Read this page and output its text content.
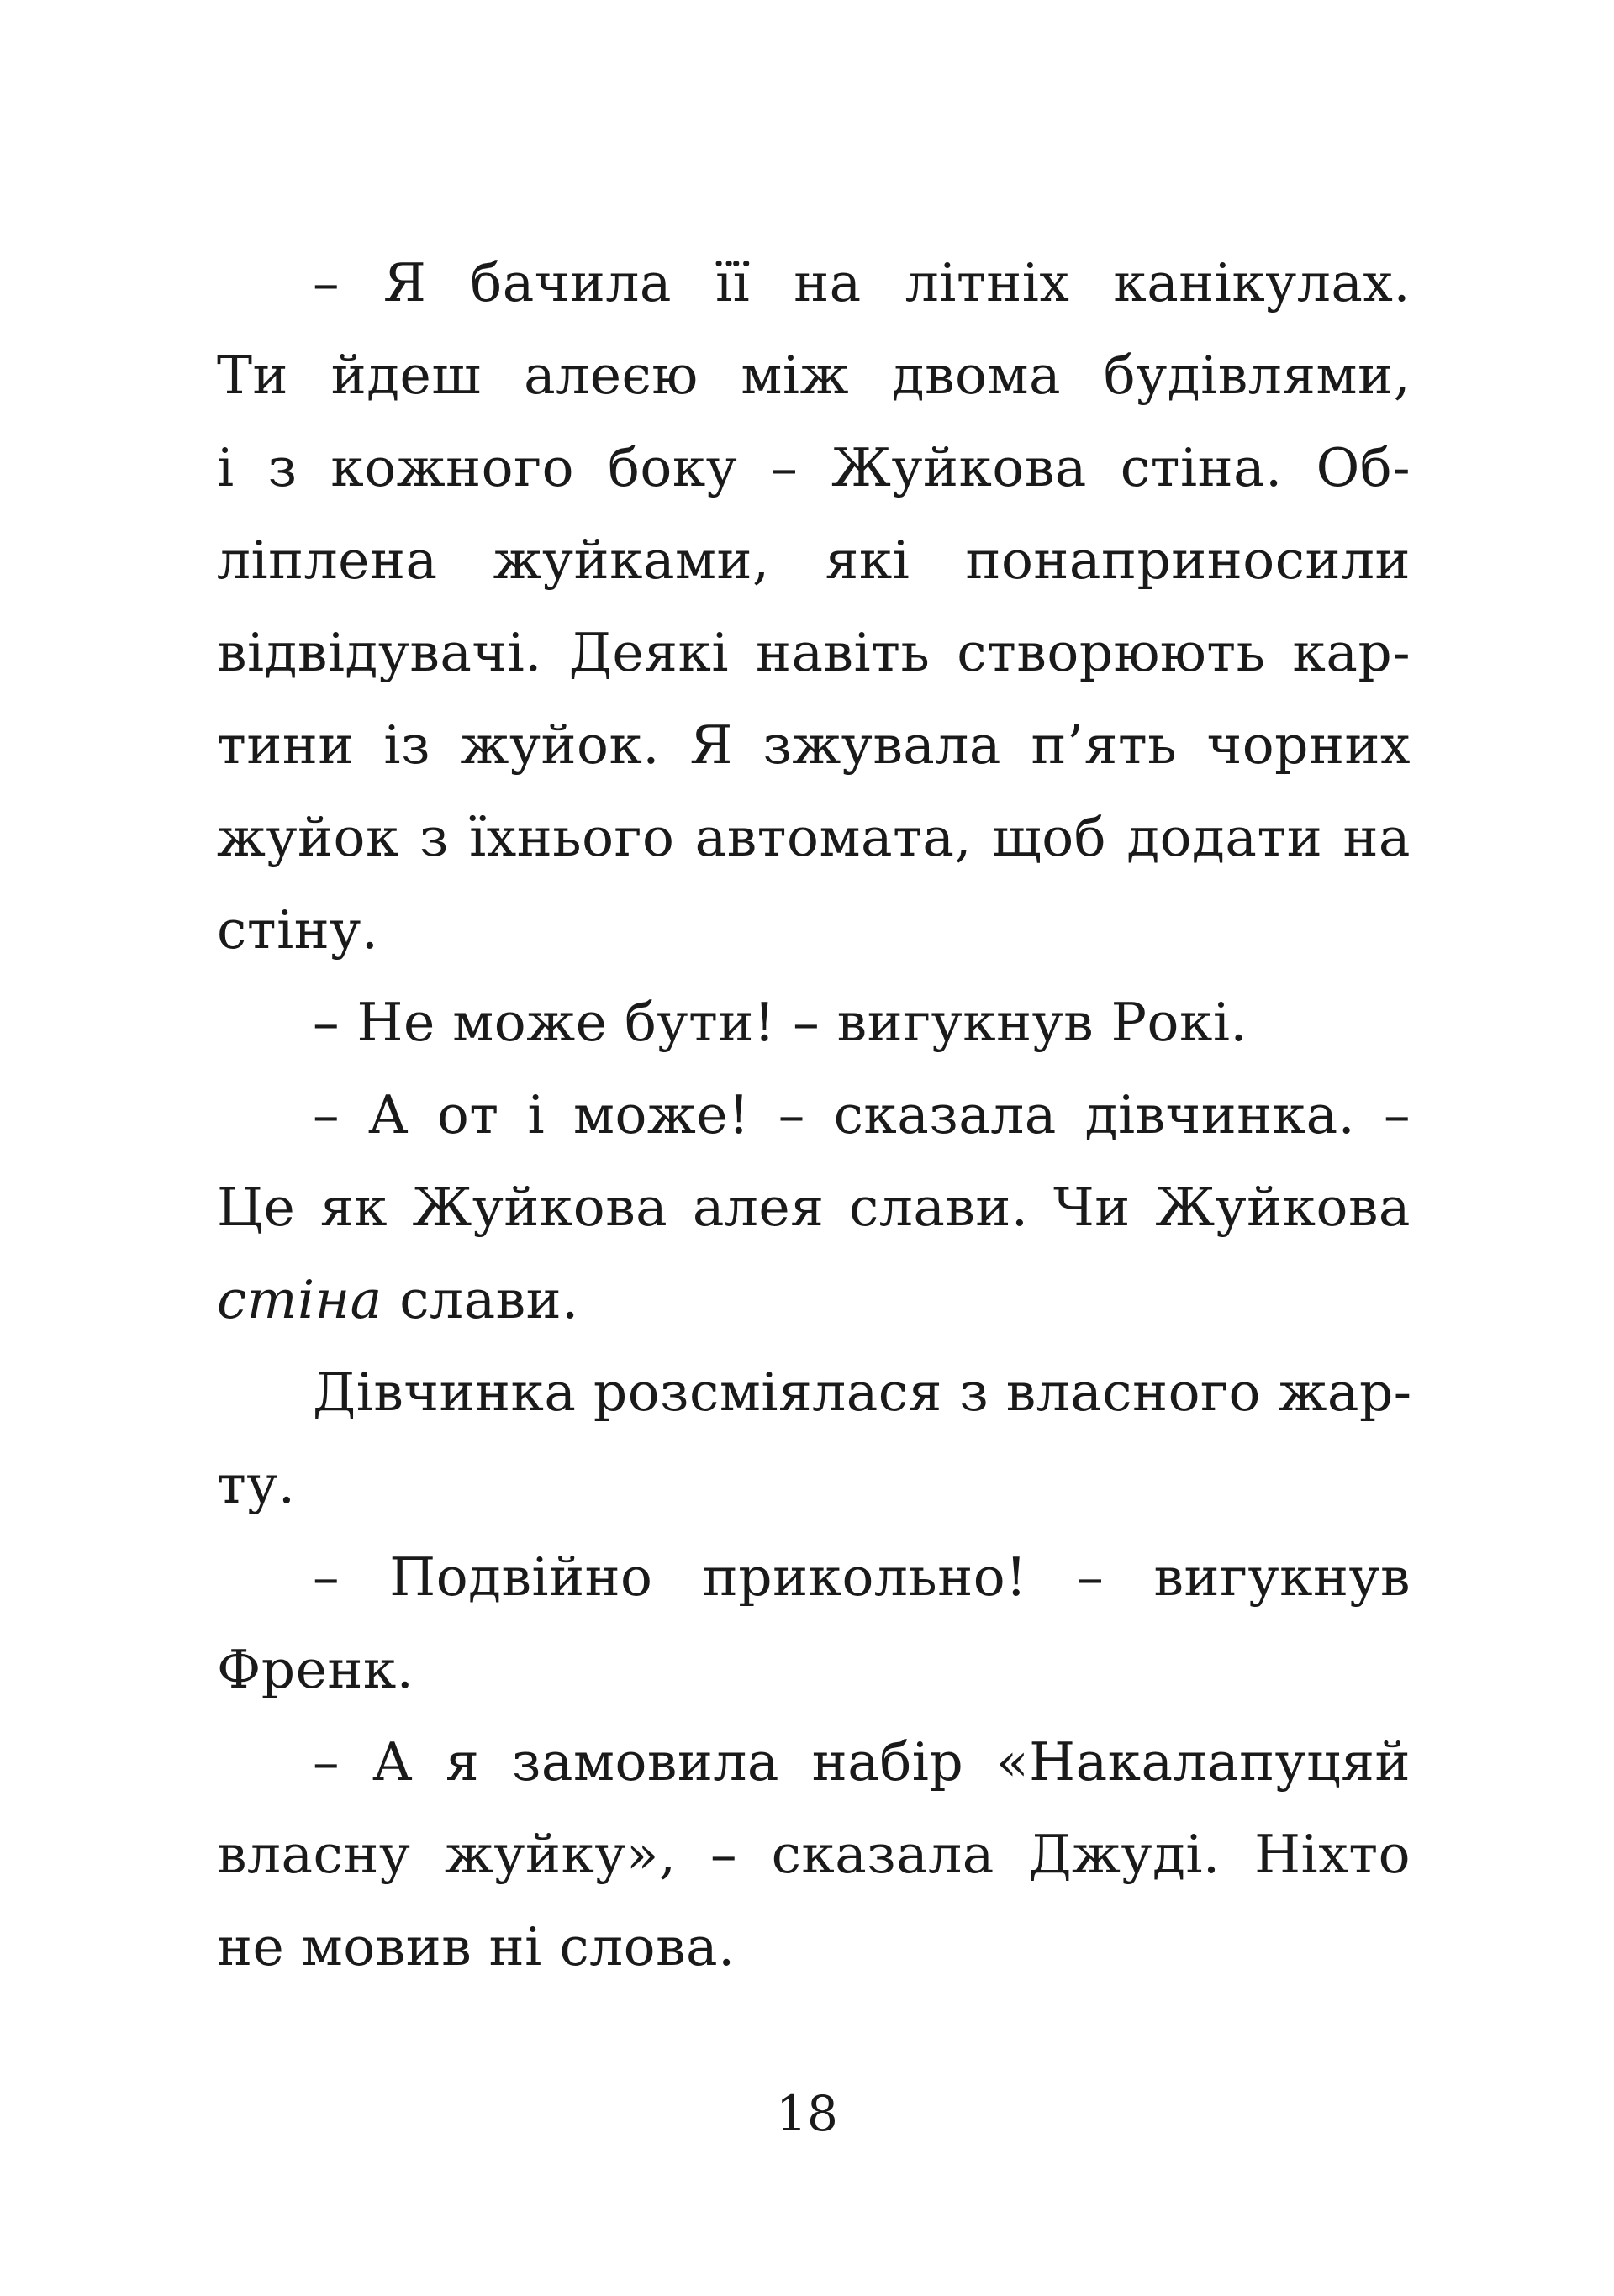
– Я бачила її на літніх канікулах.
Ти йдеш алеєю між двома будівлями,
і з кожного боку – Жуйкова стіна. Об-
ліплена жуйками, які понаприносили
відвідувачі. Деякі навіть створюють кар-
тини із жуйок. Я зжувала п’ять чорних
жуйок з їхнього автомата, щоб додати на
стіну.
– Не може бути! – вигукнув Рокі.
– А от і може! – сказала дівчинка. –
Це як Жуйкова алея слави. Чи Жуйкова
стіна слави.
Дівчинка розсміялася з власного жар-
ту.
– Подвійно прикольно! – вигукнув
Френк.
– А я замовила набір «Накалапуцяй
власну жуйку», – сказала Джуді. Ніхто
не мовив ні слова.
18
